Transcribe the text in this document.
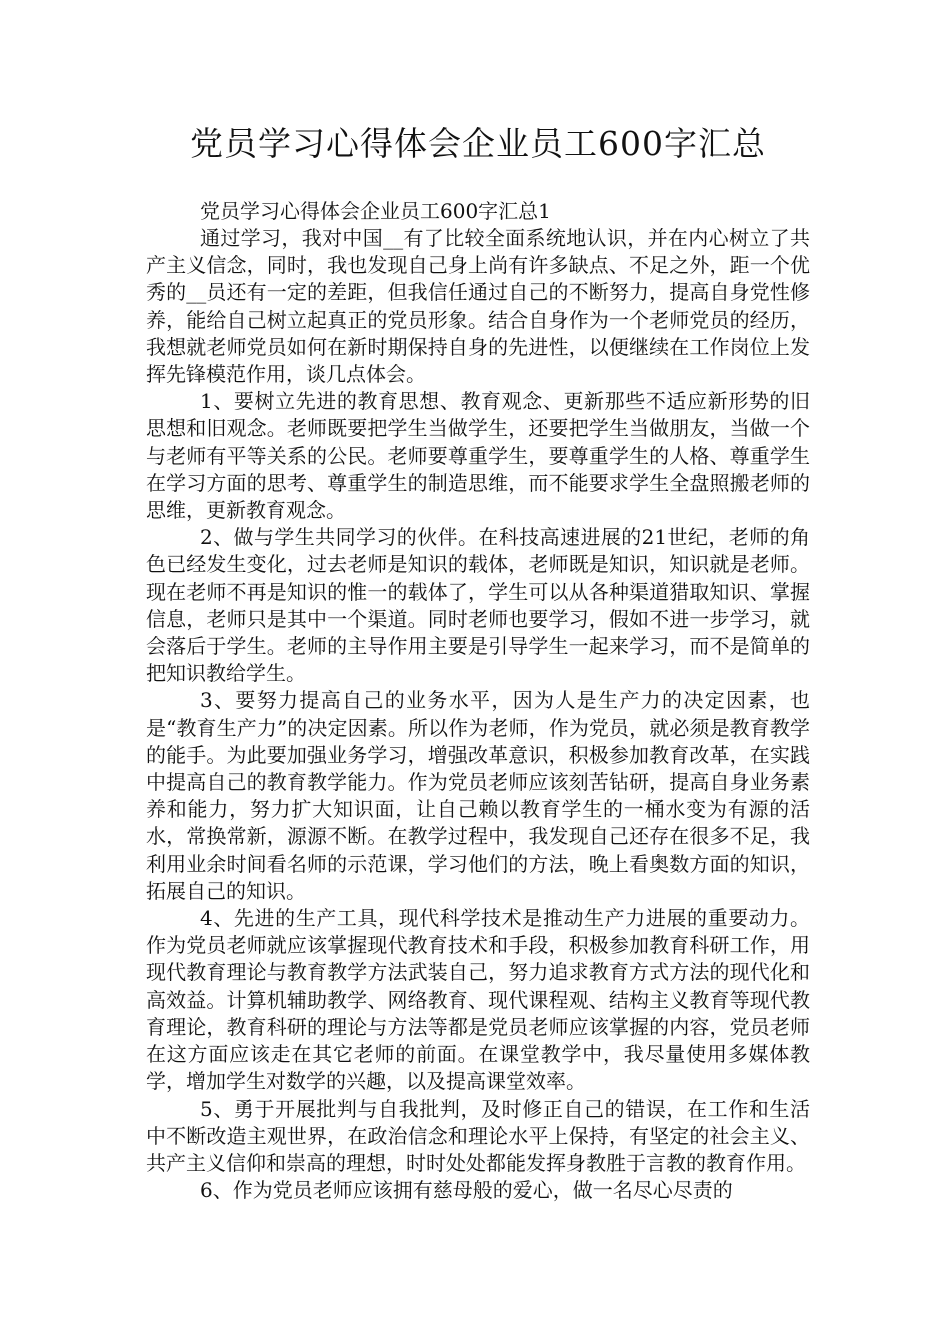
党员学习心得体会企业员工600字汇总

党员学习心得体会企业员工600字汇总1

通过学习，我对中国__有了比较全面系统地认识，并在内心树立了共产主义信念，同时，我也发现自己身上尚有许多缺点、不足之外，距一个优秀的__员还有一定的差距，但我信任通过自己的不断努力，提高自身党性修养，能给自己树立起真正的党员形象。结合自身作为一个老师党员的经历，我想就老师党员如何在新时期保持自身的先进性，以便继续在工作岗位上发挥先锋模范作用，谈几点体会。

1、要树立先进的教育思想、教育观念、更新那些不适应新形势的旧思想和旧观念。老师既要把学生当做学生，还要把学生当做朋友，当做一个与老师有平等关系的公民。老师要尊重学生，要尊重学生的人格、尊重学生在学习方面的思考、尊重学生的制造思维，而不能要求学生全盘照搬老师的思维，更新教育观念。

2、做与学生共同学习的伙伴。在科技高速进展的21世纪，老师的角色已经发生变化，过去老师是知识的载体，老师既是知识，知识就是老师。现在老师不再是知识的惟一的载体了，学生可以从各种渠道猎取知识、掌握信息，老师只是其中一个渠道。同时老师也要学习，假如不进一步学习，就会落后于学生。老师的主导作用主要是引导学生一起来学习，而不是简单的把知识教给学生。

3、要努力提高自己的业务水平，因为人是生产力的决定因素，也是“教育生产力”的决定因素。所以作为老师，作为党员，就必须是教育教学的能手。为此要加强业务学习，增强改革意识，积极参加教育改革，在实践中提高自己的教育教学能力。作为党员老师应该刻苦钻研，提高自身业务素养和能力，努力扩大知识面，让自己赖以教育学生的一桶水变为有源的活水，常换常新，源源不断。在教学过程中，我发现自己还存在很多不足，我利用业余时间看名师的示范课，学习他们的方法，晚上看奥数方面的知识，拓展自己的知识。

4、先进的生产工具，现代科学技术是推动生产力进展的重要动力。作为党员老师就应该掌握现代教育技术和手段，积极参加教育科研工作，用现代教育理论与教育教学方法武装自己，努力追求教育方式方法的现代化和高效益。计算机辅助教学、网络教育、现代课程观、结构主义教育等现代教育理论，教育科研的理论与方法等都是党员老师应该掌握的内容，党员老师在这方面应该走在其它老师的前面。在课堂教学中，我尽量使用多媒体教学，增加学生对数学的兴趣，以及提高课堂效率。

5、勇于开展批判与自我批判，及时修正自己的错误，在工作和生活中不断改造主观世界，在政治信念和理论水平上保持，有坚定的社会主义、共产主义信仰和崇高的理想，时时处处都能发挥身教胜于言教的教育作用。

6、作为党员老师应该拥有慈母般的爱心，做一名尽心尽责的
